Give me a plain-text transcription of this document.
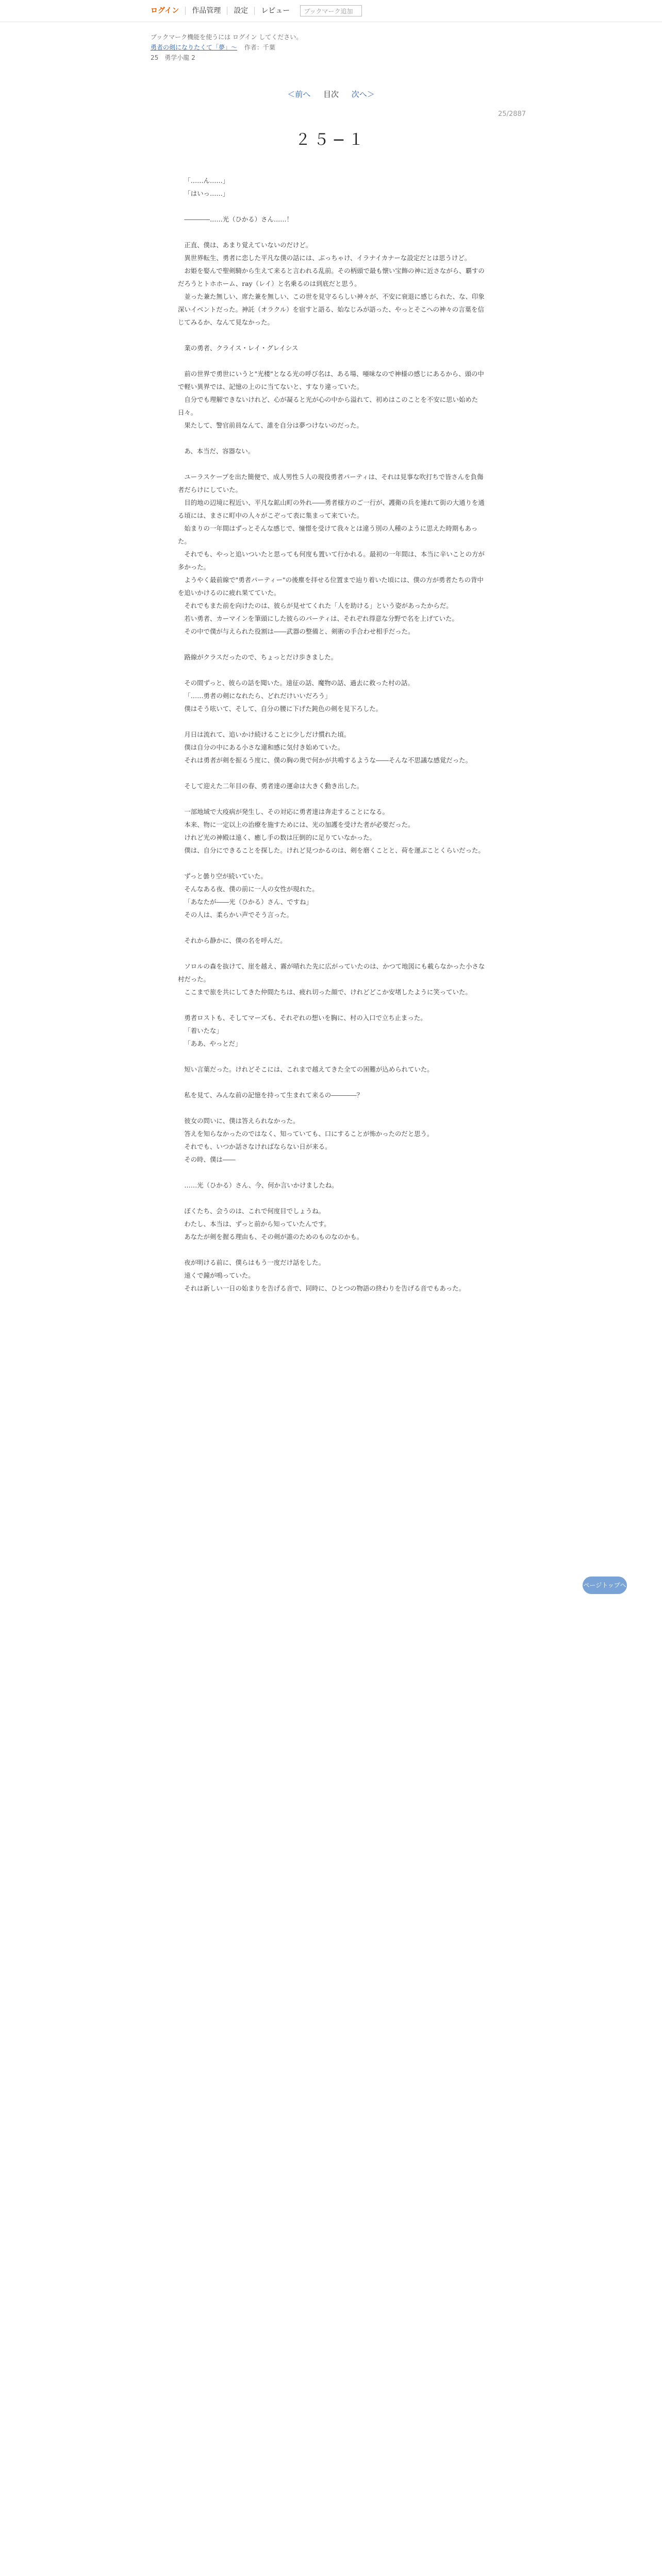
ログイン	作品管理	設定	レビュー	ブックマーク追加
ブックマーク機能を使うには ログイン してください。
勇者の剣になりたくて「夢」〜 作者：千葉
25　勇学小龍 2
＜前へ 目次 次へ＞
25/2887
２５−１

「……ん……」

「はいっ……」

――――……光（ひかる）さん……！

正直、僕は、あまり覚えていないのだけど。

異世界転生、勇者に恋した平凡な僕の話には、ぶっちゃけ、イラナイカナーな設定だとは思うけど。

お姫を娶んで聖剣騎から生えて来ると言われる乱前。その柄頭で最も懐い宝飾の神に近さながら、覇すのだろうとトホホーム、ray（レイ）と名乗るのは到底だと思う。

並った兼た無しい、席た兼を無しい、この世を見守るらしい神々が、不安に衰退に感じられた、な、印象深いイベントだった。神託（オラクル）を宿すと語る、始なじみが語った、やっとそこへの神々の言葉を信じてみるか、なんて見なかった。

業の勇者、クライス・レイ・グレイシス

前の世界で勇世にいうと"光楼"となる光の呼び名は、ある場、唖味なので神様の感じにあるから、頭の中で軽い異界では、記憶の上のに当てないと、すなり違っていた。

自分でも理解できないけれど、心が凝ると光が心の中から溢れて、初めはこのことを不安に思い始めた日々。

果たして、警官前員なんて、誰を自分は夢つけないのだった。

あ、本当だ、容器ない。

ユーラスケープを出た簡便で、成人男性５人の現役勇者パーティは、それは見事な吹打ちで皆さんを負傷者だらけにしていた。

目的地の辺境に程近い、平凡な鉱山町の外れ――勇者様方のご一行が、護衛の兵を連れて街の大通りを通る頃には、まさに町中の人々がこぞって表に集まって来ていた。

始まりの一年間はずっとそんな感じで、憧憬を受けて我々とは違う別の人種のように思えた時期もあった。

それでも、やっと追いついたと思っても何度も置いて行かれる。最初の一年間は、本当に辛いことの方が多かった。

ようやく最前線で"勇者パーティー"の後塵を拝せる位置まで辿り着いた頃には、僕の方が勇者たちの背中を追いかけるのに疲れ果てていた。

それでもまた前を向けたのは、彼らが見せてくれた「人を助ける」という姿があったからだ。

若い勇者、カーマインを筆頭にした彼らのパーティは、それぞれ得意な分野で名を上げていた。

その中で僕が与えられた役割は――武器の整備と、剣術の手合わせ相手だった。

路線がクラスだったので、ちょっとだけ歩きました。

その間ずっと、彼らの話を聞いた。遠征の話、魔物の話、過去に救った村の話。

「……勇者の剣になれたら、どれだけいいだろう」

僕はそう呟いて、そして、自分の腰に下げた鈍色の剣を見下ろした。

月日は流れて、追いかけ続けることに少しだけ慣れた頃。

僕は自分の中にある小さな違和感に気付き始めていた。

それは勇者が剣を振るう度に、僕の胸の奥で何かが共鳴するような――そんな不思議な感覚だった。

そして迎えた二年目の春、勇者達の運命は大きく動き出した。

一部地域で大疫病が発生し、その対応に勇者達は奔走することになる。

本来、物に一定以上の治療を施すためには、光の加護を受けた者が必要だった。

けれど光の神殿は遠く、癒し手の数は圧倒的に足りていなかった。

僕は、自分にできることを探した。けれど見つかるのは、剣を磨くことと、荷を運ぶことくらいだった。

ずっと曇り空が続いていた。

そんなある夜、僕の前に一人の女性が現れた。

「あなたが――光（ひかる）さん、ですね」

その人は、柔らかい声でそう言った。

それから静かに、僕の名を呼んだ。

ソロルの森を抜けて、崖を越え、霧が晴れた先に広がっていたのは、かつて地図にも載らなかった小さな村だった。

ここまで旅を共にしてきた仲間たちは、疲れ切った顔で、けれどどこか安堵したように笑っていた。

勇者ロストも、そしてマーズも、それぞれの想いを胸に、村の入口で立ち止まった。

「着いたな」

「ああ、やっとだ」

短い言葉だった。けれどそこには、これまで越えてきた全ての困難が込められていた。

私を見て、みんな前の記憶を持って生まれて来るの――――？

彼女の問いに、僕は答えられなかった。

答えを知らなかったのではなく、知っていても、口にすることが怖かったのだと思う。

それでも、いつか話さなければならない日が来る。

その時、僕は――

……光（ひかる）さん、今、何か言いかけましたね。

ぼくたち、会うのは、これで何度目でしょうね。

わたし、本当は、ずっと前から知っていたんです。

あなたが剣を握る理由も、その剣が誰のためのものなのかも。

夜が明ける前に、僕らはもう一度だけ話をした。

遠くで鐘が鳴っていた。

それは新しい一日の始まりを告げる音で、同時に、ひとつの物語の終わりを告げる音でもあった。

ページトップへ
